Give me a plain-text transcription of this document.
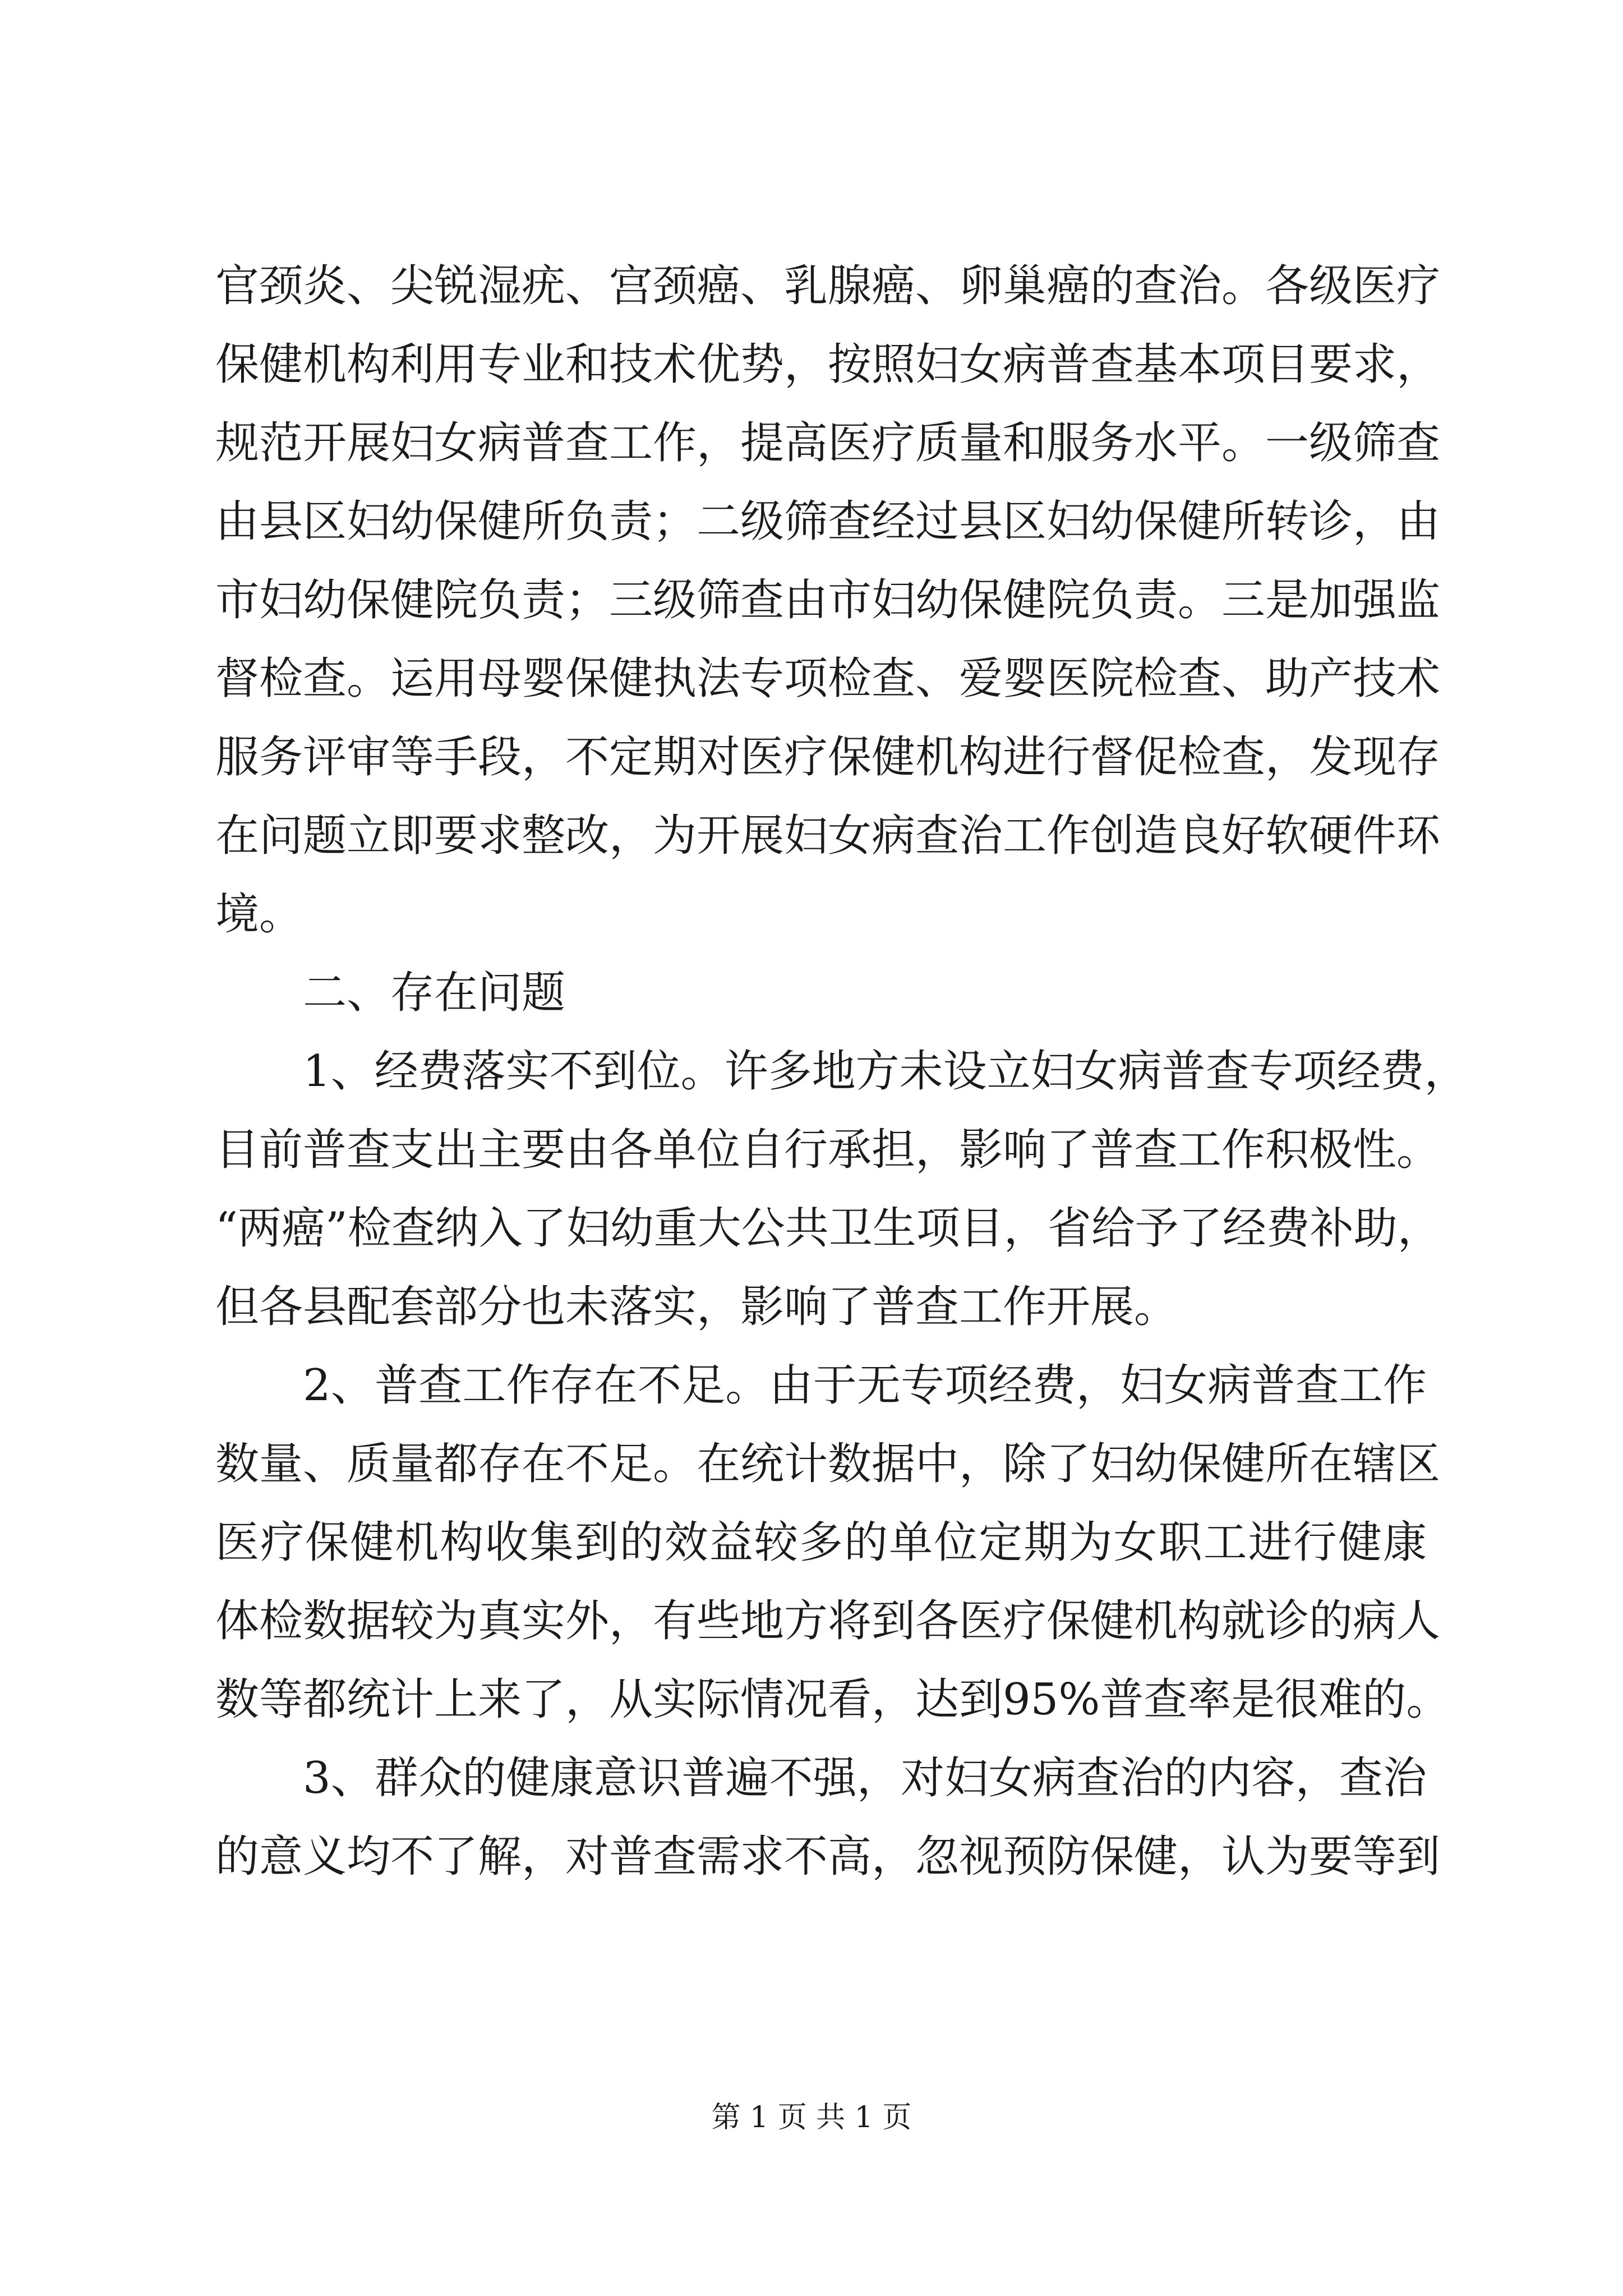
官颈炎、尖锐湿疣、宫颈癌、乳腺癌、卵巢癌的查治。各级医疗
保健机构利用专业和技术优势，按照妇女病普查基本项目要求，
规范开展妇女病普查工作，提高医疗质量和服务水平。一级筛查
由县区妇幼保健所负责；二级筛查经过县区妇幼保健所转诊，由
市妇幼保健院负责；三级筛查由市妇幼保健院负责。三是加强监
督检查。运用母婴保健执法专项检查、爱婴医院检查、助产技术
服务评审等手段，不定期对医疗保健机构进行督促检查，发现存
在问题立即要求整改，为开展妇女病查治工作创造良好软硬件环
境。
二、存在问题
1、经费落实不到位。许多地方未设立妇女病普查专项经费，
目前普查支出主要由各单位自行承担，影响了普查工作积极性。
“两癌”检查纳入了妇幼重大公共卫生项目，省给予了经费补助，
但各县配套部分也未落实，影响了普查工作开展。
2、普查工作存在不足。由于无专项经费，妇女病普查工作
数量、质量都存在不足。在统计数据中，除了妇幼保健所在辖区
医疗保健机构收集到的效益较多的单位定期为女职工进行健康
体检数据较为真实外，有些地方将到各医疗保健机构就诊的病人
数等都统计上来了，从实际情况看，达到95%普查率是很难的。
3、群众的健康意识普遍不强，对妇女病查治的内容，查治
的意义均不了解，对普查需求不高，忽视预防保健，认为要等到
第 1 页 共 1 页
